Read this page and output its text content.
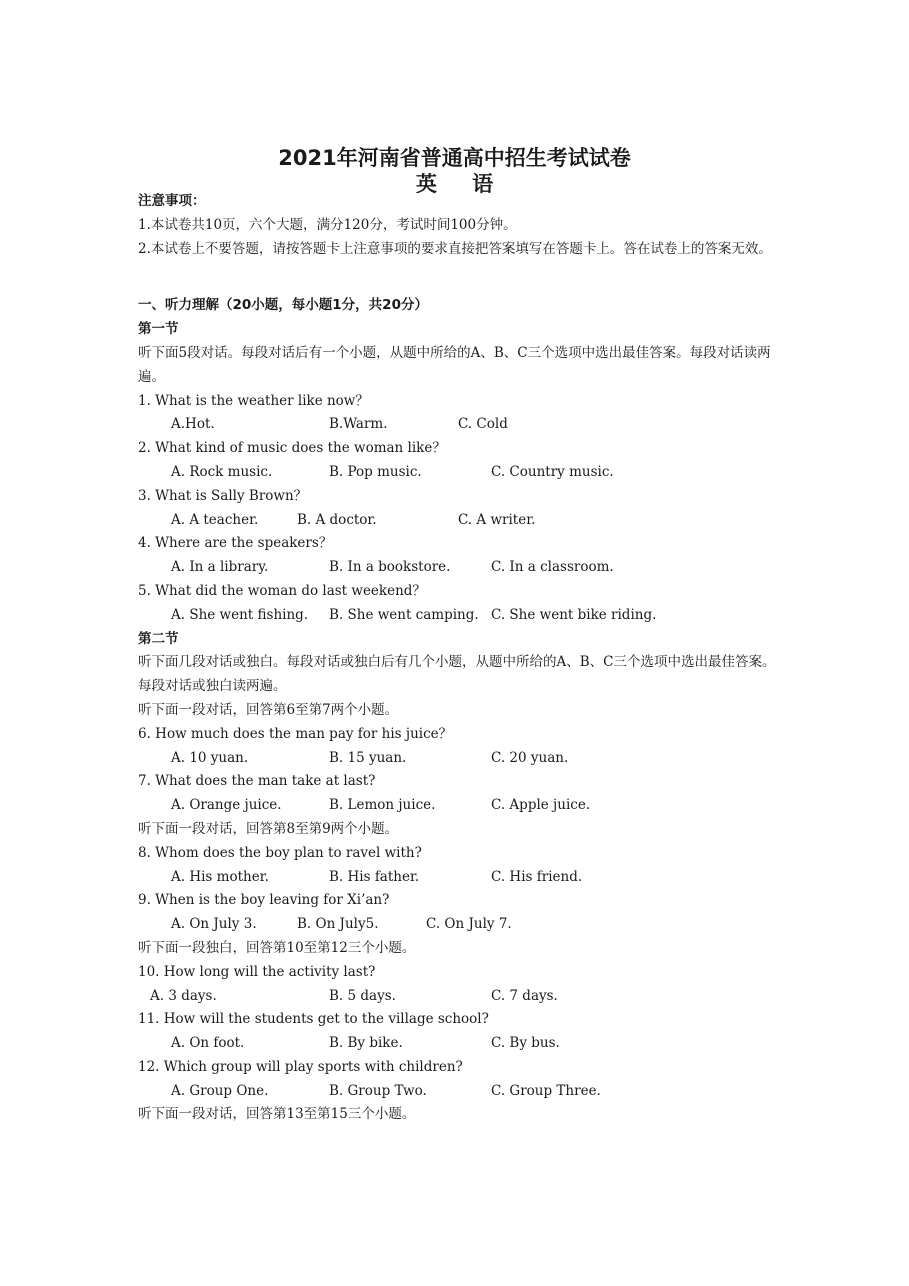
2021年河南省普通高中招生考试试卷
英 语
注意事项：
1.本试卷共10页，六个大题，满分120分，考试时间100分钟。
2.本试卷上不要答题，请按答题卡上注意事项的要求直接把答案填写在答题卡上。答在试卷上的答案无效。
一、听力理解（20小题，每小题1分，共20分）
第一节
听下面5段对话。每段对话后有一个小题，从题中所给的A、B、C三个选项中选出最佳答案。每段对话读两遍。
1. What is the weather like now？
A.Hot.	B.Warm.	C. Cold
2. What kind of music does the woman like？
A. Rock music.	B. Pop music.	C. Country music.
3. What is Sally Brown？
A. A teacher.	B. A doctor.	C. A writer.
4. Where are the speakers？
A. In a library.	B. In a bookstore.	C. In a classroom.
5. What did the woman do last weekend？
A. She went fishing. B. She went camping. C. She went bike riding.
第二节
听下面几段对话或独白。每段对话或独白后有几个小题，从题中所给的A、B、C三个选项中选出最佳答案。每段对话或独白读两遍。
听下面一段对话，回答第6至第7两个小题。
6. How much does the man pay for his juice？
A. 10 yuan.	B. 15 yuan.	C. 20 yuan.
7. What does the man take at last?
A. Orange juice.	B. Lemon juice.	C. Apple juice.
听下面一段对话，回答第8至第9两个小题。
8. Whom does the boy plan to ravel with?
A. His mother.	B. His father.	C. His friend.
9. When is the boy leaving for Xi’an?
A. On July 3.	B. On July5.	C. On July 7.
听下面一段独白，回答第10至第12三个小题。
10. How long will the activity last?
A. 3 days.	B. 5 days.	C. 7 days.
11. How will the students get to the village school?
A. On foot.	B. By bike.	C. By bus.
12. Which group will play sports with children?
A. Group One.	B. Group Two.	C. Group Three.
听下面一段对话，回答第13至第15三个小题。
